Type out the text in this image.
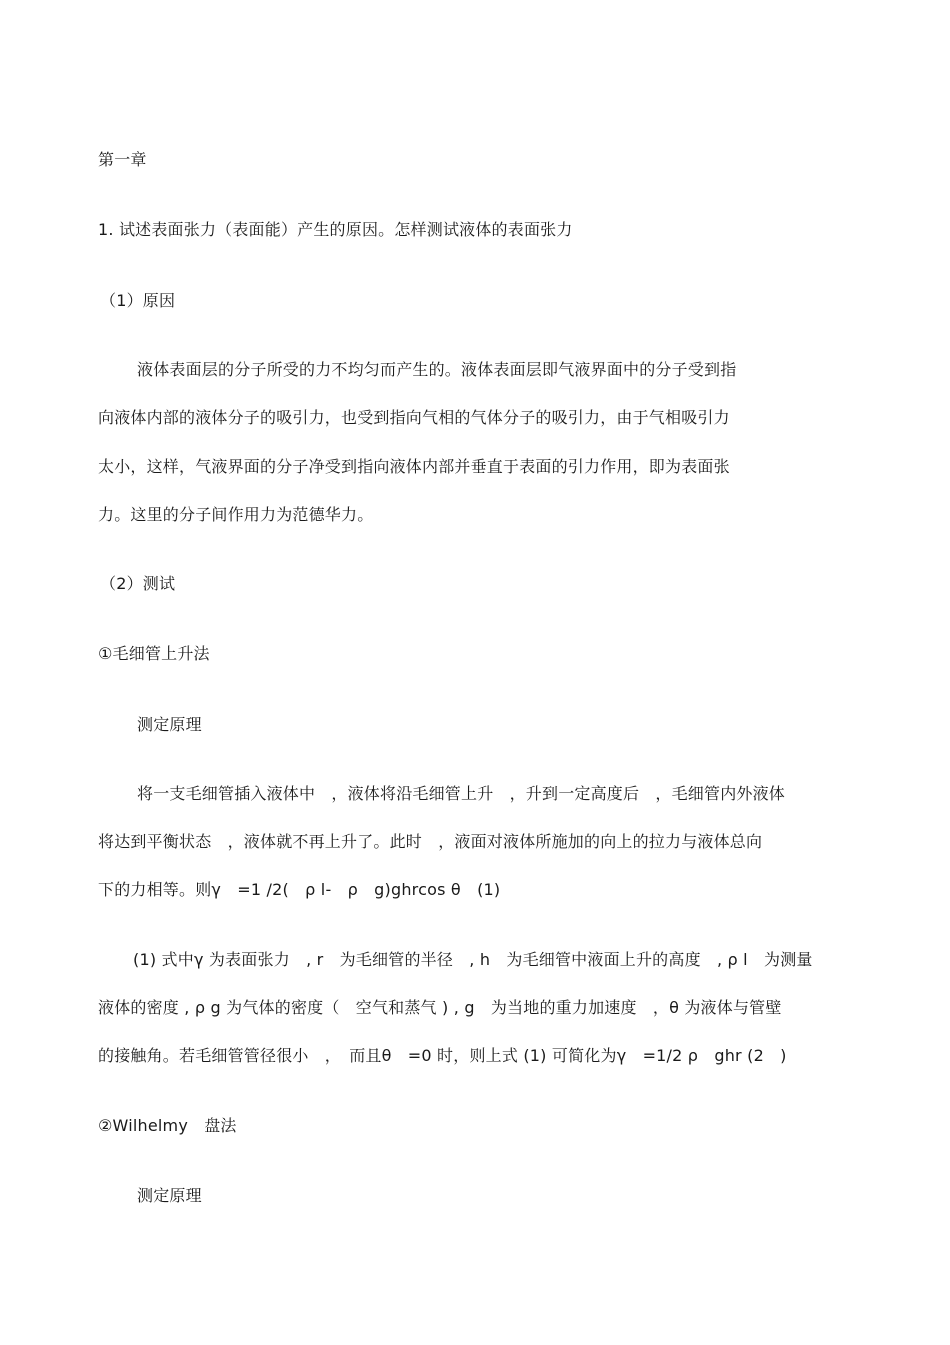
第一章
1. 试述表面张力（表面能）产生的原因。怎样测试液体的表面张力
（1）原因
液体表面层的分子所受的力不均匀而产生的。液体表面层即气液界面中的分子受到指
向液体内部的液体分子的吸引力，也受到指向气相的气体分子的吸引力，由于气相吸引力
太小，这样，气液界面的分子净受到指向液体内部并垂直于表面的引力作用，即为表面张
力。这里的分子间作用力为范德华力。
（2）测试
①毛细管上升法
测定原理
将一支毛细管插入液体中　，液体将沿毛细管上升　，升到一定高度后　，毛细管内外液体
将达到平衡状态　，液体就不再上升了。此时　，液面对液体所施加的向上的拉力与液体总向
下的力相等。则γ　=1 /2(　ρ l-　ρ　g)ghrcos θ　(1)
(1) 式中γ 为表面张力　, r　为毛细管的半径　, h　为毛细管中液面上升的高度　, ρ l　为测量
液体的密度 , ρ g 为气体的密度（　空气和蒸气 ) , g　为当地的重力加速度　，θ 为液体与管壁
的接触角。若毛细管管径很小　，　而且θ　=0 时，则上式 (1) 可简化为γ　=1/2 ρ　ghr (2　)
②Wilhelmy　盘法
测定原理
